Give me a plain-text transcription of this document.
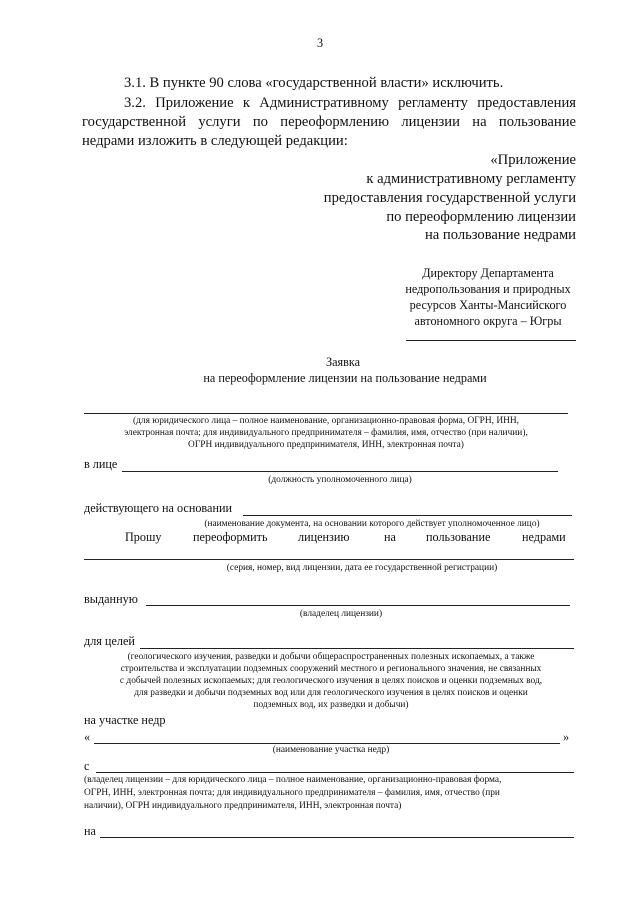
3
3.1. В пункте 90 слова «государственной власти» исключить.
3.2. Приложение к Административному регламенту предоставления
государственной услуги по переоформлению лицензии на пользование
недрами изложить в следующей редакции:
«Приложение
к административному регламенту
предоставления государственной услуги
по переоформлению лицензии
на пользование недрами
Директору Департамента
недропользования и природных
ресурсов Ханты-Мансийского
автономного округа – Югры
Заявка
на переоформление лицензии на пользование недрами
(для юридического лица – полное наименование, организационно-правовая форма, ОГРН, ИНН,
электронная почта; для индивидуального предпринимателя – фамилия, имя, отчество (при наличии),
ОГРН индивидуального предпринимателя, ИНН, электронная почта)
в лице
(должность уполномоченного лица)
действующего на основании
(наименование документа, на основании которого действует уполномоченное лицо)
Прошу	переоформить лицензию	на пользование	недрами
(серия, номер, вид лицензии, дата ее государственной регистрации)
выданную
(владелец лицензии)
для целей
(геологического изучения, разведки и добычи общераспространенных полезных ископаемых, а также
строительства и эксплуатации подземных сооружений местного и регионального значения, не связанных
с добычей полезных ископаемых; для геологического изучения в целях поисков и оценки подземных вод,
для разведки и добычи подземных вод или для геологического изучения в целях поисков и оценки
подземных вод, их разведки и добычи)
на участке недр
«	»
(наименование участка недр)
с
(владелец лицензии – для юридического лица – полное наименование, организационно-правовая форма,
ОГРН, ИНН, электронная почта; для индивидуального предпринимателя – фамилия, имя, отчество (при
наличии), ОГРН индивидуального предпринимателя, ИНН, электронная почта)
на
